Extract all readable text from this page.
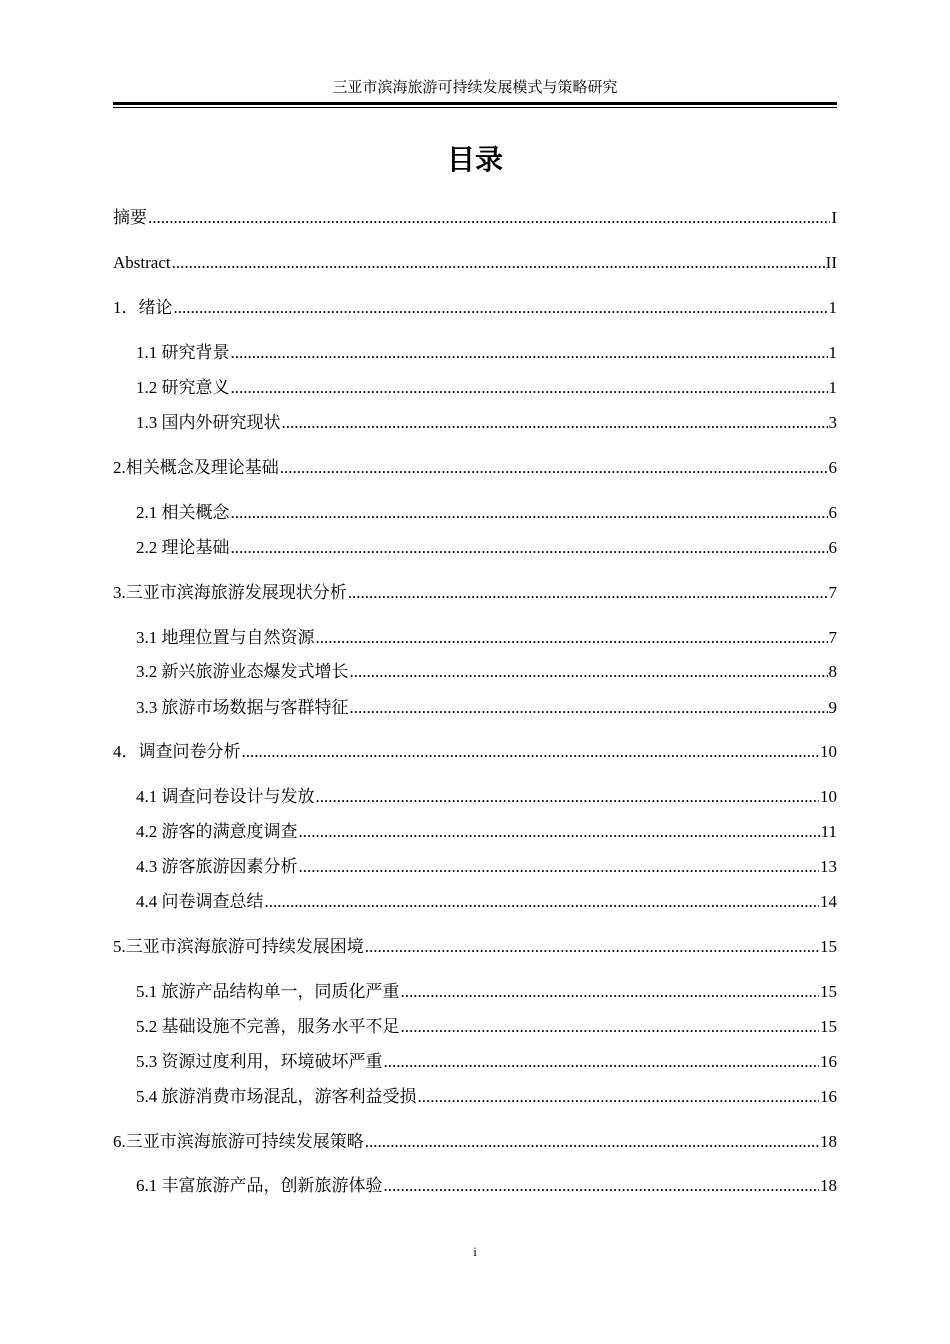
三亚市滨海旅游可持续发展模式与策略研究
目录
摘要 .....	I
Abstract .....	II
1．绪论 .....	1
1.1 研究背景 .....	1
1.2 研究意义 .....	1
1.3 国内外研究现状 .....	3
2.相关概念及理论基础 .....	6
2.1 相关概念 .....	6
2.2 理论基础 .....	6
3.三亚市滨海旅游发展现状分析 .....	7
3.1 地理位置与自然资源 .....	7
3.2 新兴旅游业态爆发式增长 .....	8
3.3 旅游市场数据与客群特征 .....	9
4．调查问卷分析 .....	10
4.1 调查问卷设计与发放 .....	10
4.2 游客的满意度调查 .....	11
4.3 游客旅游因素分析 .....	13
4.4 问卷调查总结 .....	14
5.三亚市滨海旅游可持续发展困境 .....	15
5.1 旅游产品结构单一，同质化严重 .....	15
5.2 基础设施不完善，服务水平不足 .....	15
5.3 资源过度利用，环境破坏严重 .....	16
5.4 旅游消费市场混乱，游客利益受损 .....	16
6.三亚市滨海旅游可持续发展策略 .....	18
6.1 丰富旅游产品，创新旅游体验 .....	18
i
